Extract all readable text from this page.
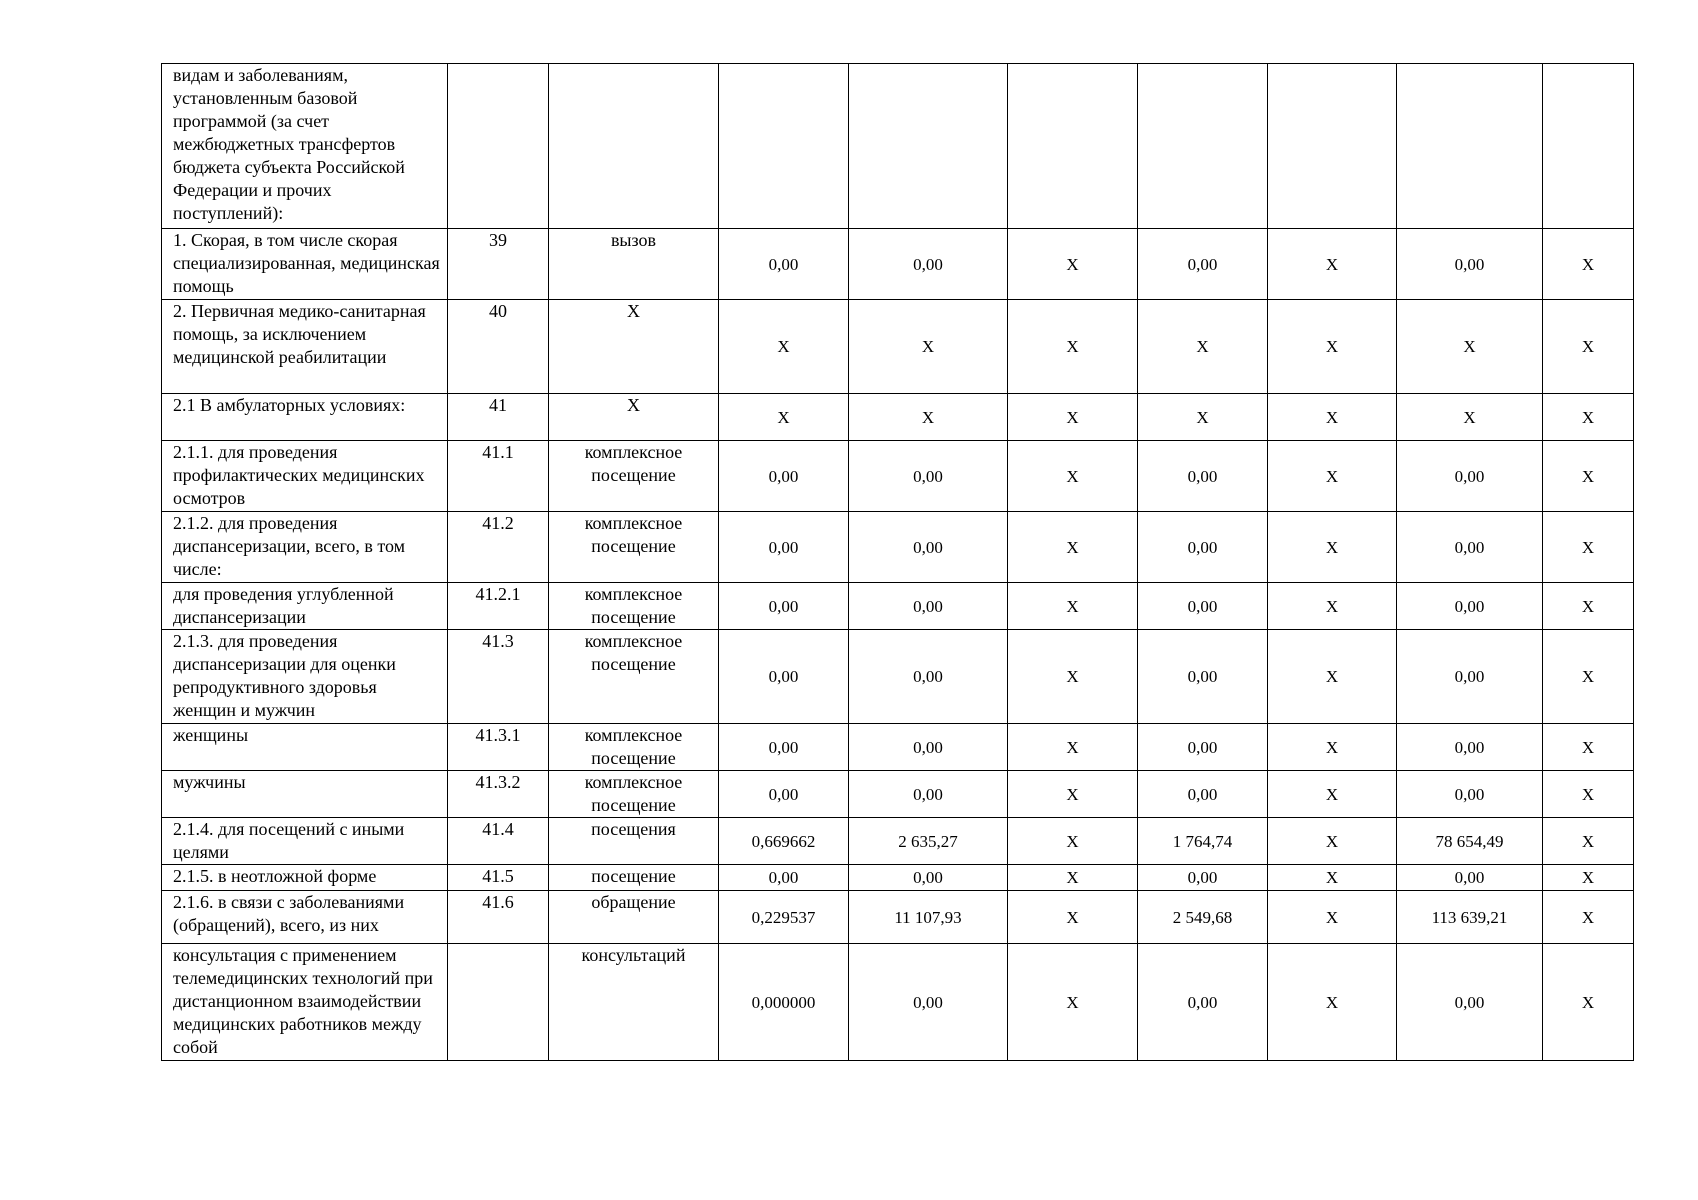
видам и заболеваниям, установленным базовой программой (за счет межбюджетных трансфертов бюджета субъекта Российской Федерации и прочих поступлений):									
1. Скорая, в том числе скорая специализированная, медицинская помощь	39	вызов	0,00	0,00	X	0,00	X	0,00	X
2. Первичная медико-санитарная помощь, за исключением медицинской реабилитации	40	X	X	X	X	X	X	X	X
2.1 В амбулаторных условиях:	41	X	X	X	X	X	X	X	X
2.1.1. для проведения профилактических медицинских осмотров	41.1	комплексное посещение	0,00	0,00	X	0,00	X	0,00	X
2.1.2. для проведения диспансеризации, всего, в том числе:	41.2	комплексное посещение	0,00	0,00	X	0,00	X	0,00	X
для проведения углубленной диспансеризации	41.2.1	комплексное посещение	0,00	0,00	X	0,00	X	0,00	X
2.1.3. для проведения диспансеризации для оценки репродуктивного здоровья женщин и мужчин	41.3	комплексное посещение	0,00	0,00	X	0,00	X	0,00	X
женщины	41.3.1	комплексное посещение	0,00	0,00	X	0,00	X	0,00	X
мужчины	41.3.2	комплексное посещение	0,00	0,00	X	0,00	X	0,00	X
2.1.4. для посещений с иными целями	41.4	посещения	0,669662	2 635,27	X	1 764,74	X	78 654,49	X
2.1.5. в неотложной форме	41.5	посещение	0,00	0,00	X	0,00	X	0,00	X
2.1.6. в связи с заболеваниями (обращений), всего, из них	41.6	обращение	0,229537	11 107,93	X	2 549,68	X	113 639,21	X
консультация с применением телемедицинских технологий при дистанционном взаимодействии медицинских работников между собой		консультаций	0,000000	0,00	X	0,00	X	0,00	X
